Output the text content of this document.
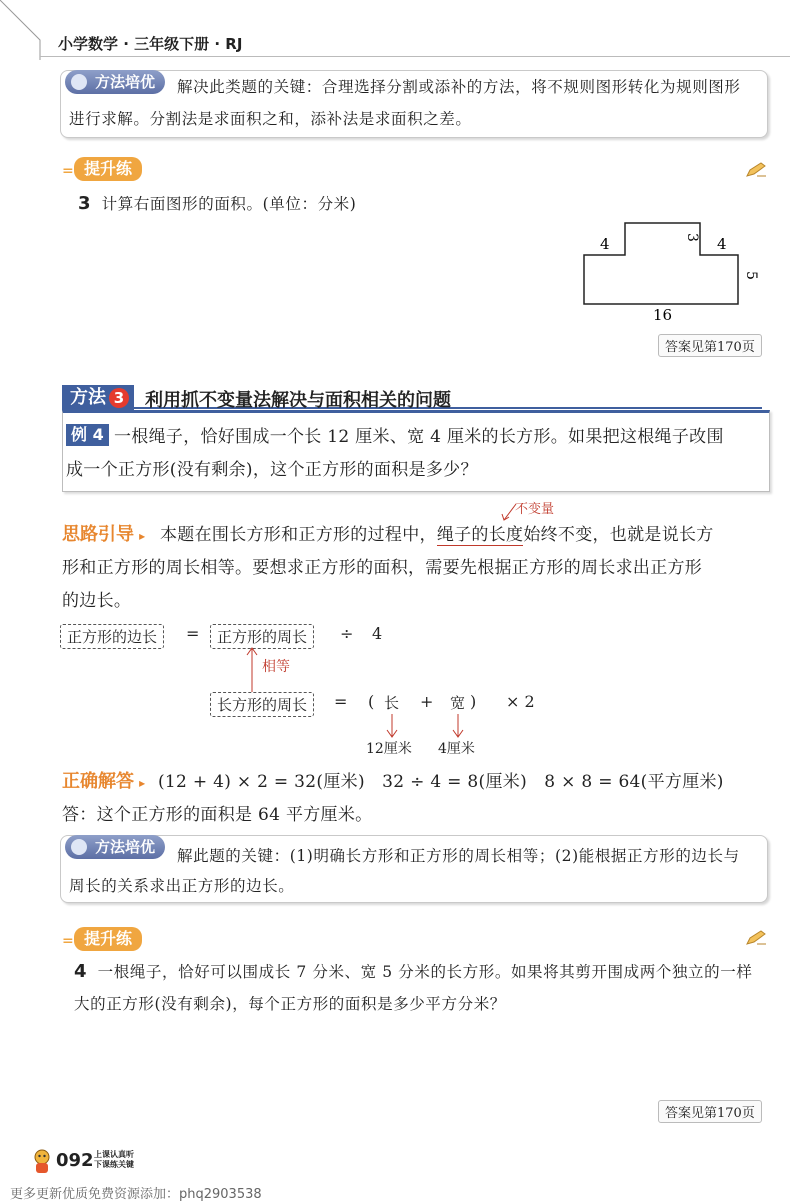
小学数学 · 三年级下册 · RJ
方法培优	解决此类题的关键：合理选择分割或添补的方法，将不规则图形转化为规则图形
进行求解。分割法是求面积之和，添补法是求面积之差。
= 提升练
3 计算右面图形的面积。(单位：分米)
4	3 4
5
16
答案见第170页
方法 3	利用抓不变量法解决与面积相关的问题
例 4 一根绳子，恰好围成一个长 12 厘米、宽 4 厘米的长方形。如果把这根绳子改围
成一个正方形(没有剩余)，这个正方形的面积是多少？
不变量
思路引导 ▸ 本题在围长方形和正方形的过程中，绳子的长度始终不变，也就是说长方
形和正方形的周长相等。要想求正方形的面积，需要先根据正方形的周长求出正方形
的边长。
正方形的边长	=	正方形的周长	÷ 4
相等
长方形的周长	= ( 长 + 宽 ) × 2
12厘米 4厘米
正确解答 ▸ (12 + 4) × 2 = 32(厘米)　32 ÷ 4 = 8(厘米)　8 × 8 = 64(平方厘米)
答：这个正方形的面积是 64 平方厘米。
方法培优	解此题的关键：(1)明确长方形和正方形的周长相等；(2)能根据正方形的边长与
周长的关系求出正方形的边长。
= 提升练
4 一根绳子，恰好可以围成长 7 分米、宽 5 分米的长方形。如果将其剪开围成两个独立的一样
大的正方形(没有剩余)，每个正方形的面积是多少平方分米？
答案见第170页
092 上课认真听
下课练关键
更多更新优质免费资源添加：phq2903538
